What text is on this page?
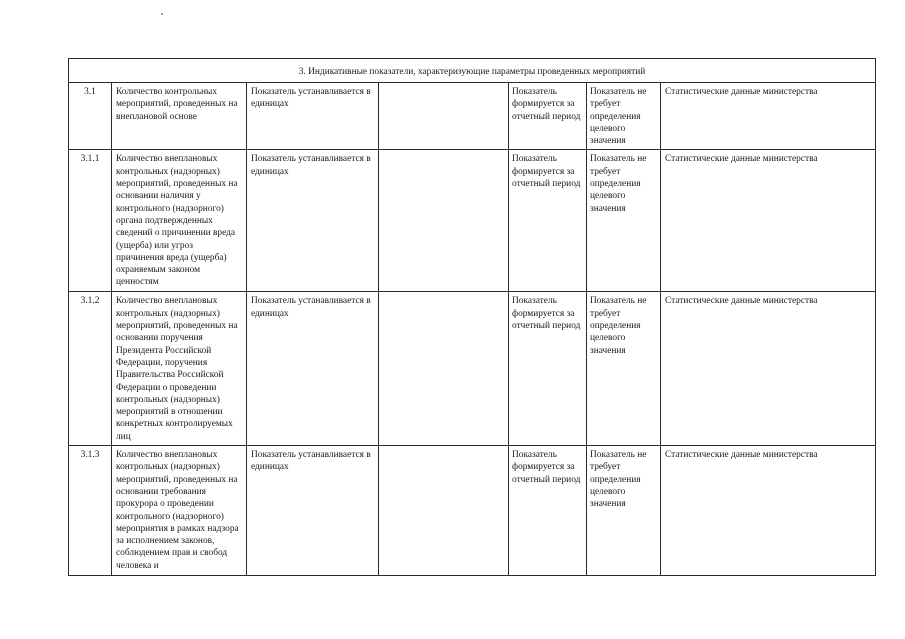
3. Индикативные показатели, характеризующие параметры проведенных мероприятий						
3.1	Количество контрольных мероприятий, проведенных на внеплановой основе	Показатель устанавливается в единицах		Показатель формируется за отчетный период	Показатель не требует определения целевого значения	Статистические данные министерства
3.1.1	Количество внеплановых контрольных (надзорных) мероприятий, проведенных на основании наличия у контрольного (надзорного) органа подтвержденных сведений о причинении вреда (ущерба) или угроз причинения вреда (ущерба) охраняемым законом ценностям	Показатель устанавливается в единицах		Показатель формируется за отчетный период	Показатель не требует определения целевого значения	Статистические данные министерства
3.1.2	Количество внеплановых контрольных (надзорных) мероприятий, проведенных на основании поручения Президента Российской Федерации, поручения Правительства Российской Федерации о проведении контрольных (надзорных) мероприятий в отношении конкретных контролируемых лиц	Показатель устанавливается в единицах		Показатель формируется за отчетный период	Показатель не требует определения целевого значения	Статистические данные министерства
3.1.3	Количество внеплановых контрольных (надзорных) мероприятий, проведенных на основании требования прокурора о проведении контрольного (надзорного) мероприятия в рамках надзора за исполнением законов, соблюдением прав и свобод человека и	Показатель устанавливается в единицах		Показатель формируется за отчетный период	Показатель не требует определения целевого значения	Статистические данные министерства
